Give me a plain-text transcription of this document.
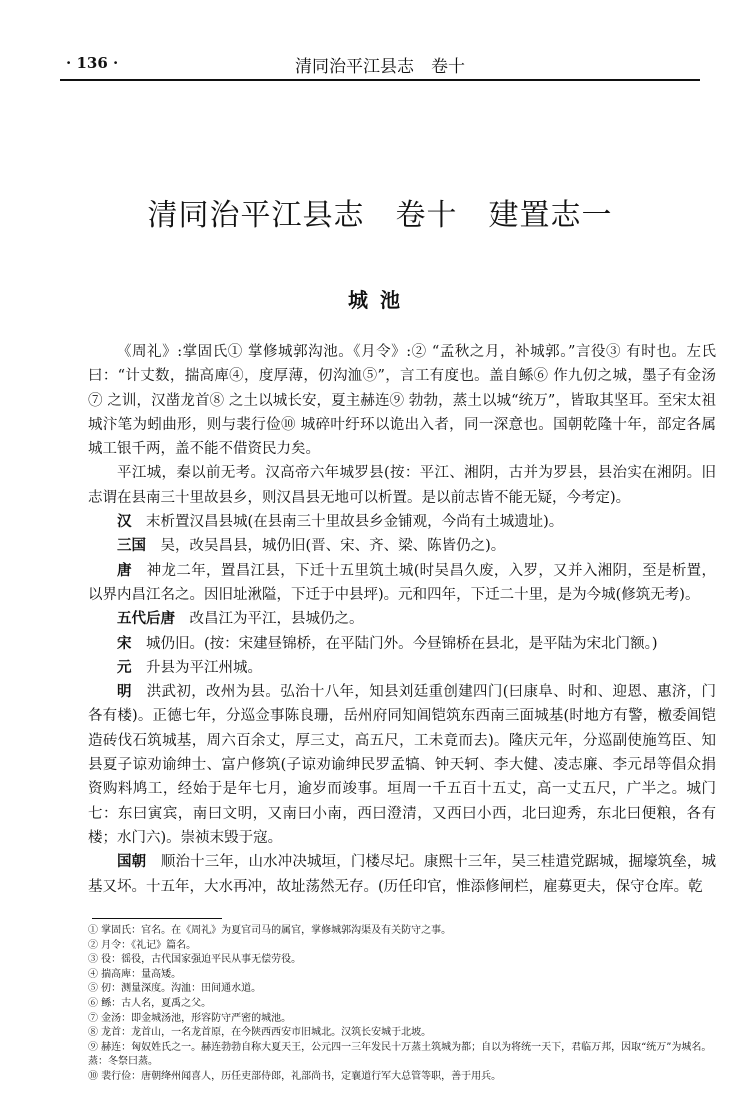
· 136 ·	清同治平江县志　卷十
清同治平江县志　卷十　建置志一
城池

《周礼》:掌固氏① 掌修城郭沟池。《月令》:② “孟秋之月，补城郭。”言役③ 有时也。左氏曰：“计丈数，揣高庳④，度厚薄，仞沟洫⑤”，言工有度也。盖自鲧⑥ 作九仞之城，墨子有金汤⑦ 之训，汉凿龙首⑧ 之土以城长安，夏主赫连⑨ 勃勃，蒸土以城“统万”，皆取其坚耳。至宋太祖城汴笔为蚓曲形，则与裴行俭⑩ 城碎叶纡环以诡出入者，同一深意也。国朝乾隆十年，部定各属城工银千两，盖不能不借资民力矣。

平江城，秦以前无考。汉高帝六年城罗县(按：平江、湘阴，古并为罗县，县治实在湘阴。旧志谓在县南三十里故县乡，则汉昌县无地可以析置。是以前志皆不能无疑，今考定)。

汉　 末析置汉昌县城(在县南三十里故县乡金铺观，今尚有土城遗址)。

三国　 吴，改吴昌县，城仍旧(晋、宋、齐、梁、陈皆仍之)。

唐　 神龙二年，置昌江县，下迁十五里筑土城(时吴昌久废，入罗，又并入湘阴，至是析置，以界内昌江名之。因旧址湫隘，下迁于中县坪)。元和四年，下迁二十里，是为今城(修筑无考)。

五代后唐　 改昌江为平江，县城仍之。

宋　 城仍旧。(按：宋建昼锦桥，在平陆门外。今昼锦桥在县北，是平陆为宋北门额。)

元　 升县为平江州城。

明　 洪武初，改州为县。弘治十八年，知县刘廷重创建四门(曰康阜、时和、迎恩、惠济，门各有楼)。正德七年，分巡佥事陈良珊，岳州府同知阊铠筑东西南三面城基(时地方有警，檄委阊铠造砖伐石筑城基，周六百余丈，厚三丈，高五尺，工未竟而去)。隆庆元年，分巡副使施笃臣、知县夏子谅劝谕绅士、富户修筑(子谅劝谕绅民罗孟犒、钟天轲、李大健、凌志廉、李元昂等倡众捐资购料鸠工，经始于是年七月，逾岁而竣事。垣周一千五百十五丈，高一丈五尺，广半之。城门七：东曰寅宾，南曰文明，又南曰小南，西曰澄清，又西曰小西，北曰迎秀，东北曰便粮，各有楼；水门六)。崇祯末毁于寇。

国朝　 顺治十三年，山水冲决城垣，门楼尽圮。康熙十三年，吴三桂遣党踞城，掘壕筑垒，城基又坏。十五年，大水再冲，故址荡然无存。(历任印官，惟添修闸栏，雇募更夫，保守仓库。乾

① 掌固氏：官名。在《周礼》为夏官司马的属官，掌修城郭沟渠及有关防守之事。

② 月令：《礼记》篇名。

③ 役：徭役，古代国家强迫平民从事无偿劳役。

④ 揣高庳：量高矮。

⑤ 仞：测量深度。沟洫：田间通水道。

⑥ 鲧：古人名，夏禹之父。

⑦ 金汤：即金城汤池，形容防守严密的城池。

⑧ 龙首：龙首山，一名龙首原，在今陕西西安市旧城北。汉筑长安城于北坡。

⑨ 赫连：匈奴姓氏之一。赫连勃勃自称大夏天王，公元四一三年发民十万蒸土筑城为都；自以为将统一天下，君临万邦，因取“统万”为城名。蒸：冬祭曰蒸。

⑩ 裴行俭：唐朝绛州闻喜人，历任吏部侍郎，礼部尚书，定襄道行军大总管等职，善于用兵。
